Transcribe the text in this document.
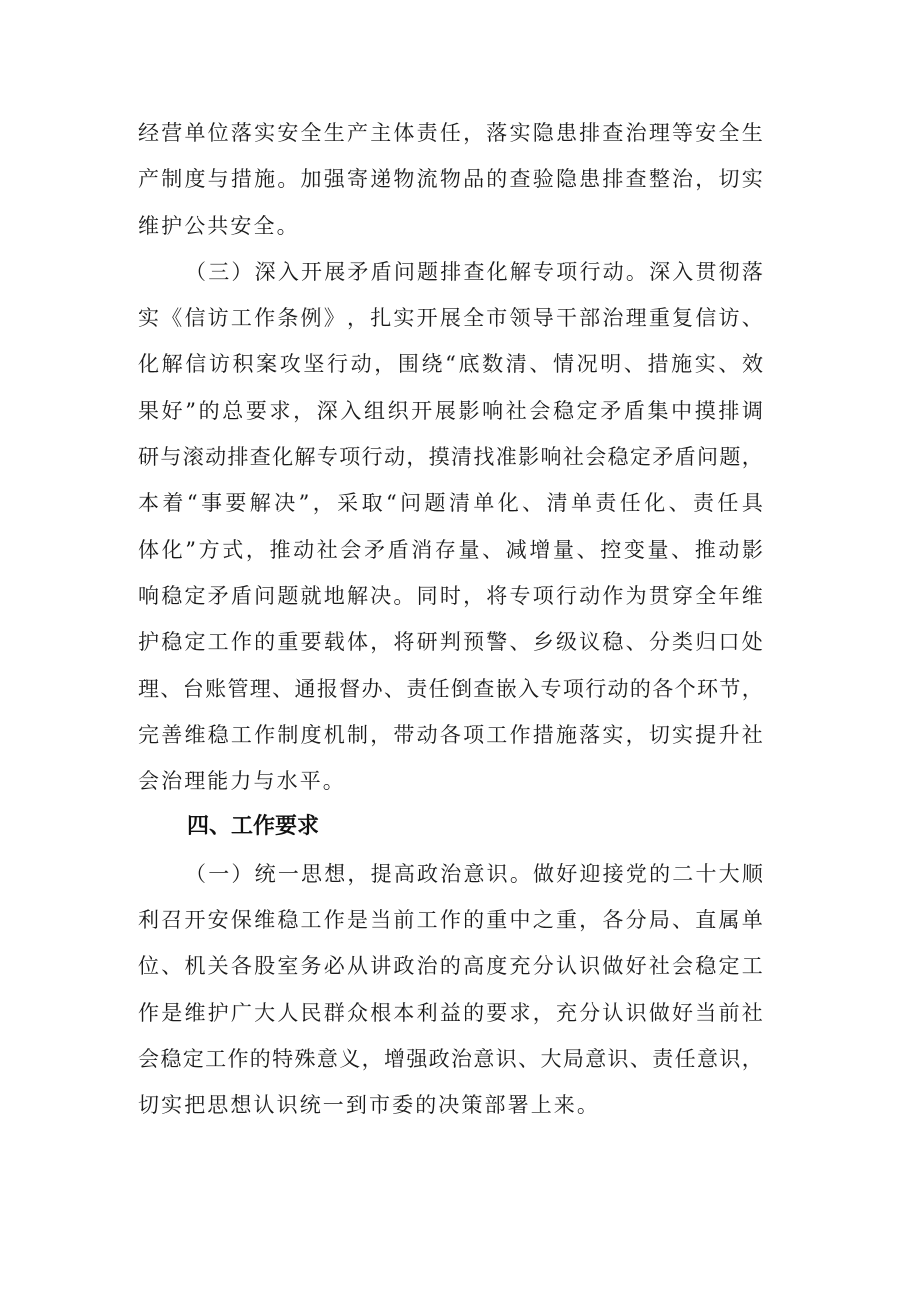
经 营 单 位 落 实 安 全 生 产 主 体 责 任 ， 落 实 隐 患 排 查 治 理 等 安 全 生
产 制 度 与 措 施 。 加 强 寄 递 物 流 物 品 的 查 验 隐 患 排 查 整 治 ， 切 实
维护公共安全。
（ 三 ） 深 入 开 展 矛 盾 问 题 排 查 化 解 专 项 行 动 。 深 入 贯 彻 落
实 《 信 访 工 作 条 例 》 ， 扎 实 开 展 全 市 领 导 干 部 治 理 重 复 信 访 、
化 解 信 访 积 案 攻 坚 行 动 ， 围 绕 “ 底 数 清 、 情 况 明 、 措 施 实 、 效
果 好 ” 的 总 要 求 ， 深 入 组 织 开 展 影 响 社 会 稳 定 矛 盾 集 中 摸 排 调
研 与 滚 动 排 查 化 解 专 项 行 动 ， 摸 清 找 准 影 响 社 会 稳 定 矛 盾 问 题 ，
本 着 “ 事 要 解 决 ” ， 采 取 “ 问 题 清 单 化 、 清 单 责 任 化 、 责 任 具
体 化 ” 方 式 ， 推 动 社 会 矛 盾 消 存 量 、 减 增 量 、 控 变 量 、 推 动 影
响 稳 定 矛 盾 问 题 就 地 解 决 。 同 时 ， 将 专 项 行 动 作 为 贯 穿 全 年 维
护 稳 定 工 作 的 重 要 载 体 ， 将 研 判 预 警 、 乡 级 议 稳 、 分 类 归 口 处
理 、 台 账 管 理 、 通 报 督 办 、 责 任 倒 查 嵌 入 专 项 行 动 的 各 个 环 节 ，
完 善 维 稳 工 作 制 度 机 制 ， 带 动 各 项 工 作 措 施 落 实 ， 切 实 提 升 社
会治理能力与水平。
四、工作要求
（ 一 ） 统 一 思 想 ， 提 高 政 治 意 识 。 做 好 迎 接 党 的 二 十 大 顺
利 召 开 安 保 维 稳 工 作 是 当 前 工 作 的 重 中 之 重 ， 各 分 局 、 直 属 单
位 、 机 关 各 股 室 务 必 从 讲 政 治 的 高 度 充 分 认 识 做 好 社 会 稳 定 工
作 是 维 护 广 大 人 民 群 众 根 本 利 益 的 要 求 ， 充 分 认 识 做 好 当 前 社
会 稳 定 工 作 的 特 殊 意 义 ， 增 强 政 治 意 识 、 大 局 意 识 、 责 任 意 识 ，
切实把思想认识统一到市委的决策部署上来。
